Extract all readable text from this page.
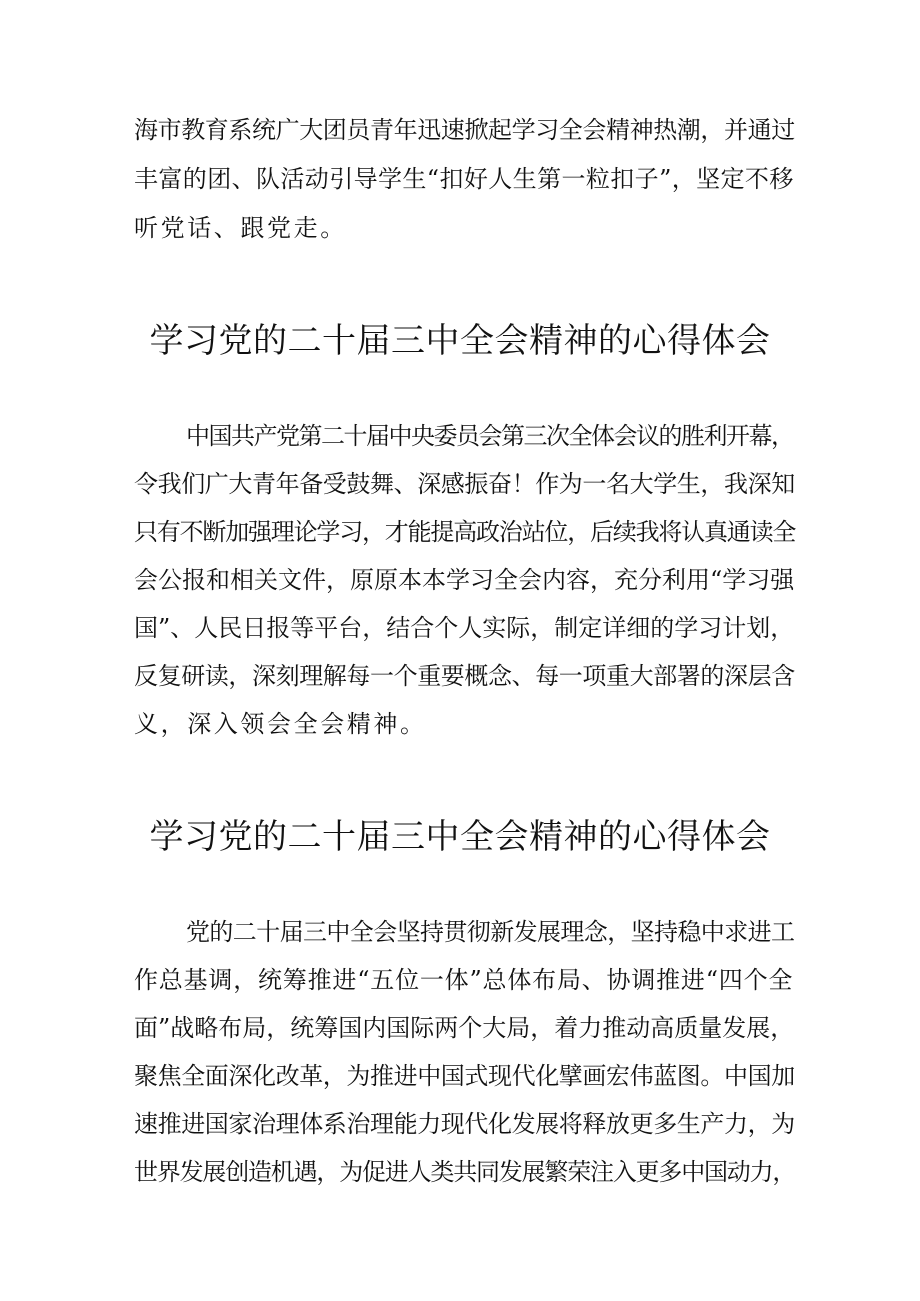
海市教育系统广大团员青年迅速掀起学习全会精神热潮，并通过

丰富的团、队活动引导学生“扣好人生第一粒扣子”，坚定不移

听党话、跟党走。

学习党的二十届三中全会精神的心得体会

中国共产党第二十届中央委员会第三次全体会议的胜利开幕，

令我们广大青年备受鼓舞、深感振奋！作为一名大学生，我深知

只有不断加强理论学习，才能提高政治站位，后续我将认真通读全

会公报和相关文件，原原本本学习全会内容，充分利用“学习强

国”、人民日报等平台，结合个人实际，制定详细的学习计划，

反复研读，深刻理解每一个重要概念、每一项重大部署的深层含

义，深入领会全会精神。

学习党的二十届三中全会精神的心得体会

党的二十届三中全会坚持贯彻新发展理念，坚持稳中求进工

作总基调，统筹推进“五位一体”总体布局、协调推进“四个全

面”战略布局，统筹国内国际两个大局，着力推动高质量发展，

聚焦全面深化改革，为推进中国式现代化擘画宏伟蓝图。中国加

速推进国家治理体系治理能力现代化发展将释放更多生产力，为

世界发展创造机遇，为促进人类共同发展繁荣注入更多中国动力，
